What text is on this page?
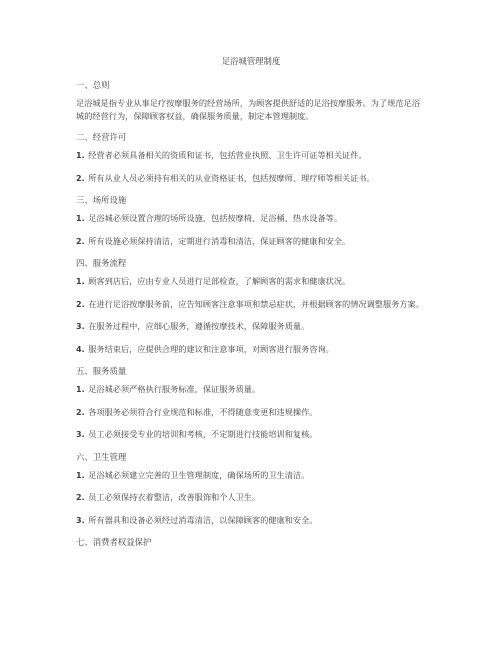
足浴城管理制度
一、总则

足浴城是指专业从事足疗按摩服务的经营场所，为顾客提供舒适的足浴按摩服务。为了规范足浴城的经营行为，保障顾客权益，确保服务质量，制定本管理制度。

二、经营许可

1. 经营者必须具备相关的资质和证书，包括营业执照、卫生许可证等相关证件。

2. 所有从业人员必须持有相关的从业资格证书，包括按摩师、理疗师等相关证书。

三、场所设施

1. 足浴城必须设置合理的场所设施，包括按摩椅、足浴桶、热水设备等。

2. 所有设施必须保持清洁，定期进行消毒和清洁，保证顾客的健康和安全。

四、服务流程

1. 顾客到店后，应由专业人员进行足部检查，了解顾客的需求和健康状况。

2. 在进行足浴按摩服务前，应告知顾客注意事项和禁忌症状，并根据顾客的情况调整服务方案。

3. 在服务过程中，应细心服务，遵循按摩技术，保障服务质量。

4. 服务结束后，应提供合理的建议和注意事项，对顾客进行服务咨询。

五、服务质量

1. 足浴城必须严格执行服务标准，保证服务质量。

2. 各项服务必须符合行业规范和标准，不得随意变更和违规操作。

3. 员工必须接受专业的培训和考核，不定期进行技能培训和复核。

六、卫生管理

1. 足浴城必须建立完善的卫生管理制度，确保场所的卫生清洁。

2. 员工必须保持衣着整洁，改善服饰和个人卫生。

3. 所有器具和设备必须经过消毒清洁，以保障顾客的健康和安全。

七、消费者权益保护
